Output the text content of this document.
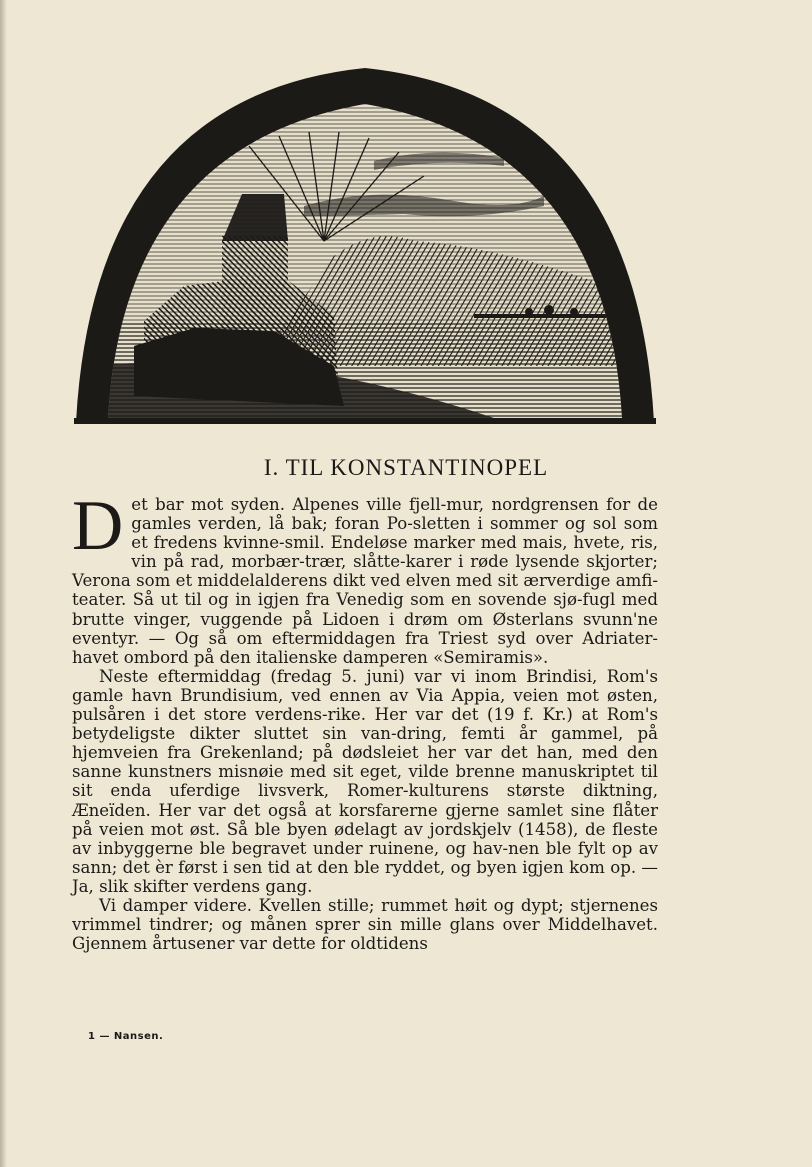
I. TIL KONSTANTINOPEL

Det bar mot syden. Alpenes ville fjell-mur, nordgrensen for de gamles verden, lå bak; foran Po-sletten i sommer og sol som et fredens kvinne-smil. Endeløse marker med mais, hvete, ris, vin på rad, morbær-trær, slåtte-karer i røde lysende skjorter; Verona som et middelalderens dikt ved elven med sit ærverdige amfi-teater. Så ut til og in igjen fra Venedig som en sovende sjø-fugl med brutte vinger, vuggende på Lidoen i drøm om Østerlans svunn'ne eventyr. — Og så om eftermiddagen fra Triest syd over Adriater-havet ombord på den italienske damperen «Semiramis».

Neste eftermiddag (fredag 5. juni) var vi inom Brindisi, Rom's gamle havn Brundisium, ved ennen av Via Appia, veien mot østen, pulsåren i det store verdens-rike. Her var det (19 f. Kr.) at Rom's betydeligste dikter sluttet sin van-dring, femti år gammel, på hjemveien fra Grekenland; på dødsleiet her var det han, med den sanne kunstners misnøie med sit eget, vilde brenne manuskriptet til sit enda uferdige livsverk, Romer-kulturens største diktning, Æneïden. Her var det også at korsfarerne gjerne samlet sine flåter på veien mot øst. Så ble byen ødelagt av jordskjelv (1458), de fleste av inbyggerne ble begravet under ruinene, og hav-nen ble fylt op av sann; det èr først i sen tid at den ble ryddet, og byen igjen kom op. — Ja, slik skifter verdens gang.

Vi damper videre. Kvellen stille; rummet høit og dypt; stjernenes vrimmel tindrer; og månen sprer sin mille glans over Middelhavet. Gjennem årtusener var dette for oldtidens

1 — Nansen.
